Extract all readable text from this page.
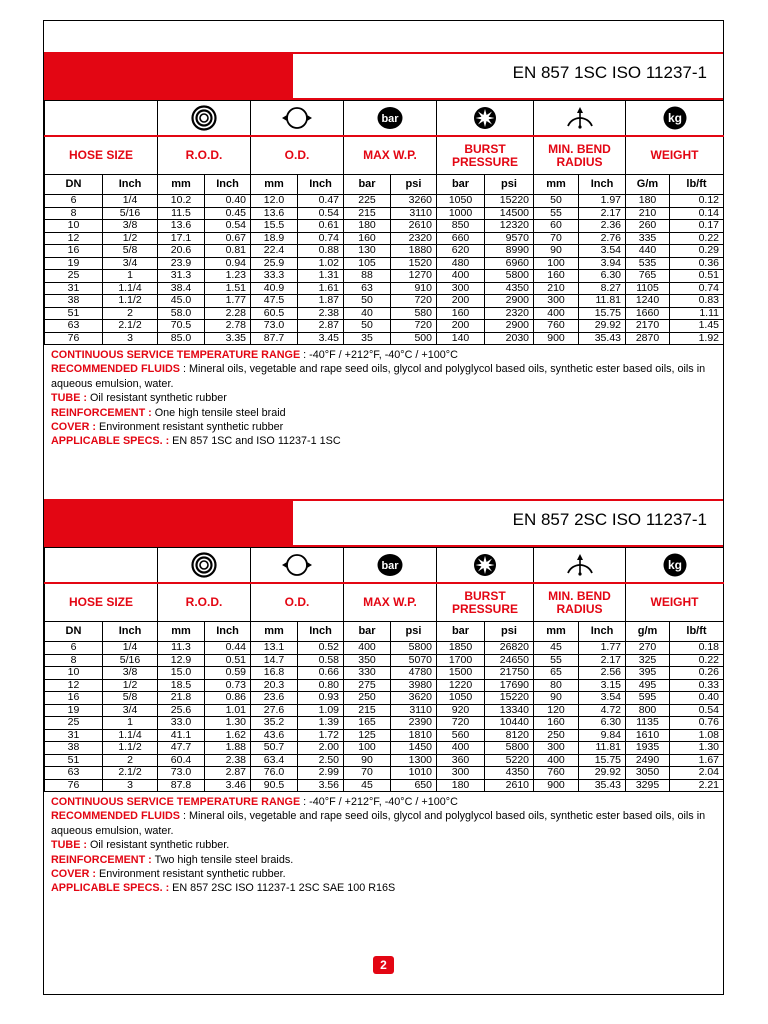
EN 857 1SC ISO 11237-1

bar						kg	

HOSE SIZE		R.O.D.		O.D.		MAX W.P.		BURST PRESSURE		MIN. BEND RADIUS		WEIGHT	
DN	Inch	mm	Inch	mm	Inch	bar	psi	bar	psi	mm	Inch	G/m	lb/ft
6	1/4	10.2	0.40	12.0	0.47	225	3260	1050	15220	50	1.97	180	0.12
8	5/16	11.5	0.45	13.6	0.54	215	3110	1000	14500	55	2.17	210	0.14
10	3/8	13.6	0.54	15.5	0.61	180	2610	850	12320	60	2.36	260	0.17
12	1/2	17.1	0.67	18.9	0.74	160	2320	660	9570	70	2.76	335	0.22
16	5/8	20.6	0.81	22.4	0.88	130	1880	620	8990	90	3.54	440	0.29
19	3/4	23.9	0.94	25.9	1.02	105	1520	480	6960	100	3.94	535	0.36
25	1	31.3	1.23	33.3	1.31	88	1270	400	5800	160	6.30	765	0.51
31	1.1/4	38.4	1.51	40.9	1.61	63	910	300	4350	210	8.27	1105	0.74
38	1.1/2	45.0	1.77	47.5	1.87	50	720	200	2900	300	11.81	1240	0.83
51	2	58.0	2.28	60.5	2.38	40	580	160	2320	400	15.75	1660	1.11
63	2.1/2	70.5	2.78	73.0	2.87	50	720	200	2900	760	29.92	2170	1.45
76	3	85.0	3.35	87.7	3.45	35	500	140	2030	900	35.43	2870	1.92
CONTINUOUS SERVICE TEMPERATURE RANGE : -40°F / +212°F, -40°C / +100°C
RECOMMENDED FLUIDS : Mineral oils, vegetable and rape seed oils, glycol and polyglycol based oils, synthetic ester based oils, oils in aqueous emulsion, water.
TUBE : Oil resistant synthetic rubber
REINFORCEMENT : One high tensile steel braid
COVER : Environment resistant synthetic rubber
APPLICABLE SPECS. : EN 857 1SC and ISO 11237-1 1SC
EN 857 2SC ISO 11237-1

bar						kg	

HOSE SIZE		R.O.D.		O.D.		MAX W.P.		BURST PRESSURE		MIN. BEND RADIUS		WEIGHT	
DN	Inch	mm	Inch	mm	Inch	bar	psi	bar	psi	mm	Inch	g/m	lb/ft
6	1/4	11.3	0.44	13.1	0.52	400	5800	1850	26820	45	1.77	270	0.18
8	5/16	12.9	0.51	14.7	0.58	350	5070	1700	24650	55	2.17	325	0.22
10	3/8	15.0	0.59	16.8	0.66	330	4780	1500	21750	65	2.56	395	0.26
12	1/2	18.5	0.73	20.3	0.80	275	3980	1220	17690	80	3.15	495	0.33
16	5/8	21.8	0.86	23.6	0.93	250	3620	1050	15220	90	3.54	595	0.40
19	3/4	25.6	1.01	27.6	1.09	215	3110	920	13340	120	4.72	800	0.54
25	1	33.0	1.30	35.2	1.39	165	2390	720	10440	160	6.30	1135	0.76
31	1.1/4	41.1	1.62	43.6	1.72	125	1810	560	8120	250	9.84	1610	1.08
38	1.1/2	47.7	1.88	50.7	2.00	100	1450	400	5800	300	11.81	1935	1.30
51	2	60.4	2.38	63.4	2.50	90	1300	360	5220	400	15.75	2490	1.67
63	2.1/2	73.0	2.87	76.0	2.99	70	1010	300	4350	760	29.92	3050	2.04
76	3	87.8	3.46	90.5	3.56	45	650	180	2610	900	35.43	3295	2.21
CONTINUOUS SERVICE TEMPERATURE RANGE : -40°F / +212°F, -40°C / +100°C
RECOMMENDED FLUIDS : Mineral oils, vegetable and rape seed oils, glycol and polyglycol based oils, synthetic ester based oils, oils in aqueous emulsion, water.
TUBE : Oil resistant synthetic rubber.
REINFORCEMENT : Two high tensile steel braids.
COVER : Environment resistant synthetic rubber.
APPLICABLE SPECS. : EN 857 2SC ISO 11237-1 2SC SAE 100 R16S
2
